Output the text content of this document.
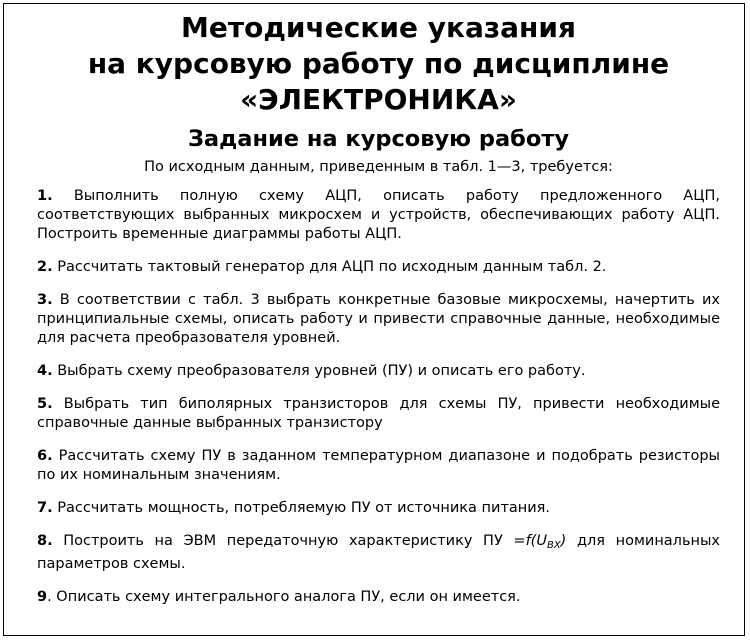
Методические указания
на курсовую работу по дисциплине
«ЭЛЕКТРОНИКА»
Задание на курсовую работу
По исходным данным, приведенным в табл. 1—3, требуется:

1. Выполнить полную схему АЦП, описать работу предложенного АЦП, соответствующих выбранных микросхем и устройств, обеспечивающих работу АЦП. Построить временные диаграммы работы АЦП.

2. Рассчитать тактовый генератор для АЦП по исходным данным табл. 2.

3. В соответствии с табл. 3 выбрать конкретные базовые микросхемы, начертить их принципиальные схемы, описать работу и привести справочные данные, необходимые для расчета преобразователя уровней.

4. Выбрать схему преобразователя уровней (ПУ) и описать его работу.

5. Выбрать тип биполярных транзисторов для схемы ПУ, привести необходимые справочные данные выбранных транзистору

6. Рассчитать схему ПУ в заданном температурном диапазоне и подобрать резисторы по их номинальным значениям.

7. Рассчитать мощность, потребляемую ПУ от источника питания.

8. Построить на ЭВМ передаточную характеристику ПУ $=f(U_{ВХ})$ для номинальных параметров схемы.

9. Описать схему интегрального аналога ПУ, если он имеется.
